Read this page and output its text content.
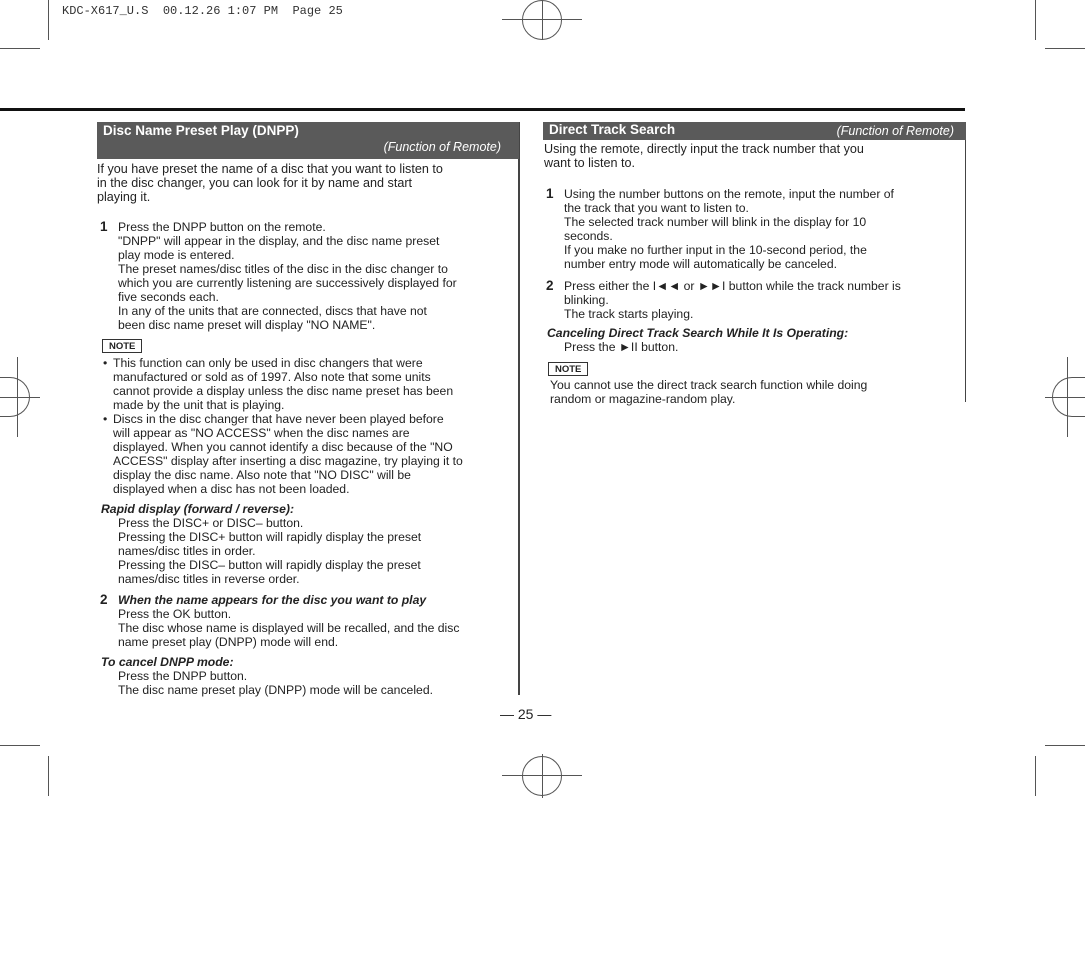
KDC-X617_U.S  00.12.26 1:07 PM  Page 25
Disc Name Preset Play (DNPP)
(Function of Remote)
If you have preset the name of a disc that you want to listen to
in the disc changer, you can look for it by name and start
playing it.
1 Press the DNPP button on the remote.
"DNPP" will appear in the display, and the disc name preset
play mode is entered.
The preset names/disc titles of the disc in the disc changer to
which you are currently listening are successively displayed for
five seconds each.
In any of the units that are connected, discs that have not
been disc name preset will display "NO NAME".
NOTE
• This function can only be used in disc changers that were
manufactured or sold as of 1997. Also note that some units
cannot provide a display unless the disc name preset has been
made by the unit that is playing.
• Discs in the disc changer that have never been played before
will appear as "NO ACCESS" when the disc names are
displayed. When you cannot identify a disc because of the "NO
ACCESS" display after inserting a disc magazine, try playing it to
display the disc name. Also note that "NO DISC" will be
displayed when a disc has not been loaded.
Rapid display (forward / reverse):
Press the DISC+ or DISC– button.
Pressing the DISC+ button will rapidly display the preset
names/disc titles in order.
Pressing the DISC– button will rapidly display the preset
names/disc titles in reverse order.
2 When the name appears for the disc you want to play
Press the OK button.
The disc whose name is displayed will be recalled, and the disc
name preset play (DNPP) mode will end.
To cancel DNPP mode:
Press the DNPP button.
The disc name preset play (DNPP) mode will be canceled.
Direct Track Search	(Function of Remote)
Using the remote, directly input the track number that you
want to listen to.
1 Using the number buttons on the remote, input the number of
the track that you want to listen to.
The selected track number will blink in the display for 10
seconds.
If you make no further input in the 10-second period, the
number entry mode will automatically be canceled.
2 Press either the I◄◄ or ►►I button while the track number is
blinking.
The track starts playing.
Canceling Direct Track Search While It Is Operating:
Press the ►II button.
NOTE
You cannot use the direct track search function while doing
random or magazine-random play.
— 25 —
